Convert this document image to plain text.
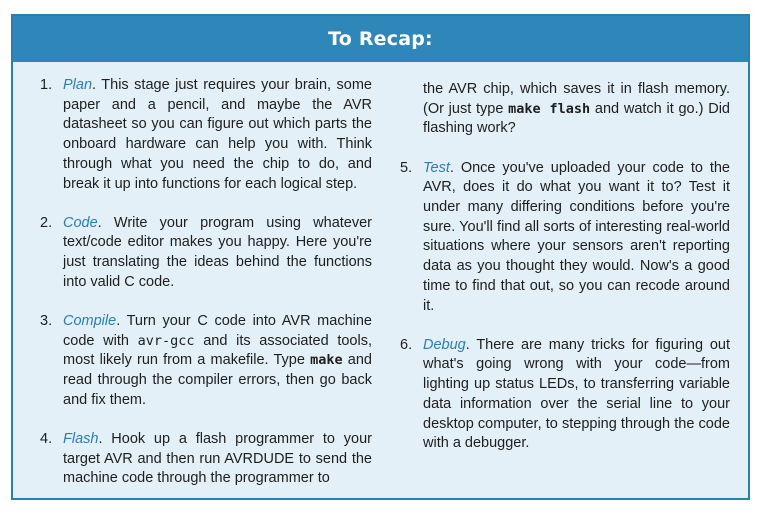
To Recap:
1. Plan. This stage just requires your brain, some paper and a pencil, and maybe the AVR datasheet so you can figure out which parts the onboard hardware can help you with. Think through what you need the chip to do, and break it up into functions for each logical step.
2. Code. Write your program using whatever text/code editor makes you happy. Here you're just translating the ideas behind the functions into valid C code.
3. Compile. Turn your C code into AVR machine code with avr-gcc and its associated tools, most likely run from a makefile. Type make and read through the compiler errors, then go back and fix them.
4. Flash. Hook up a flash programmer to your target AVR and then run AVRDUDE to send the machine code through the programmer to
the AVR chip, which saves it in flash memory. (Or just type make flash and watch it go.) Did flashing work?
5. Test. Once you've uploaded your code to the AVR, does it do what you want it to? Test it under many differing conditions before you're sure. You'll find all sorts of interesting real-world situations where your sensors aren't reporting data as you thought they would. Now's a good time to find that out, so you can recode around it.
6. Debug. There are many tricks for figuring out what's going wrong with your code—from lighting up status LEDs, to transferring variable data information over the serial line to your desktop computer, to stepping through the code with a debugger.
